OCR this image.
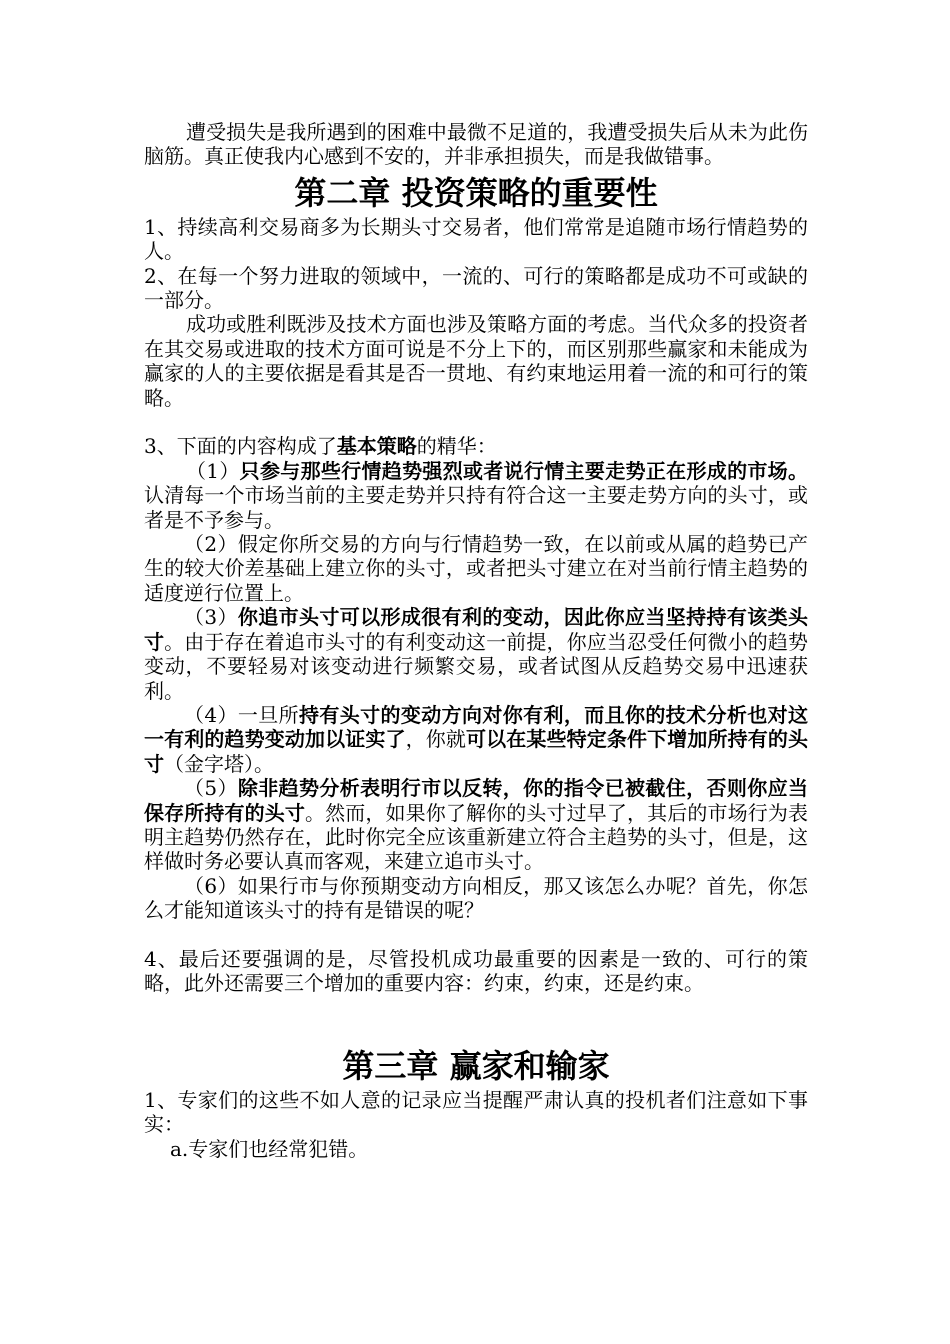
遭受损失是我所遇到的困难中最微不足道的，我遭受损失后从未为此伤脑筋。真正使我内心感到不安的，并非承担损失，而是我做错事。

第二章 投资策略的重要性

1、持续高利交易商多为长期头寸交易者，他们常常是追随市场行情趋势的人。

2、在每一个努力进取的领域中，一流的、可行的策略都是成功不可或缺的一部分。

成功或胜利既涉及技术方面也涉及策略方面的考虑。当代众多的投资者在其交易或进取的技术方面可说是不分上下的，而区别那些赢家和未能成为赢家的人的主要依据是看其是否一贯地、有约束地运用着一流的和可行的策略。

3、下面的内容构成了基本策略的精华：

（1）只参与那些行情趋势强烈或者说行情主要走势正在形成的市场。认清每一个市场当前的主要走势并只持有符合这一主要走势方向的头寸，或者是不予参与。

（2）假定你所交易的方向与行情趋势一致，在以前或从属的趋势已产生的较大价差基础上建立你的头寸，或者把头寸建立在对当前行情主趋势的适度逆行位置上。

（3）你追市头寸可以形成很有利的变动，因此你应当坚持持有该类头寸。由于存在着追市头寸的有利变动这一前提，你应当忍受任何微小的趋势变动，不要轻易对该变动进行频繁交易，或者试图从反趋势交易中迅速获利。

（4）一旦所持有头寸的变动方向对你有利，而且你的技术分析也对这一有利的趋势变动加以证实了，你就可以在某些特定条件下增加所持有的头寸（金字塔）。

（5）除非趋势分析表明行市以反转，你的指令已被截住，否则你应当保存所持有的头寸。然而，如果你了解你的头寸过早了，其后的市场行为表明主趋势仍然存在，此时你完全应该重新建立符合主趋势的头寸，但是，这样做时务必要认真而客观，来建立追市头寸。

（6）如果行市与你预期变动方向相反，那又该怎么办呢？首先，你怎么才能知道该头寸的持有是错误的呢？

4、最后还要强调的是，尽管投机成功最重要的因素是一致的、可行的策略，此外还需要三个增加的重要内容：约束，约束，还是约束。

第三章 赢家和输家

1、专家们的这些不如人意的记录应当提醒严肃认真的投机者们注意如下事实：

a.专家们也经常犯错。
